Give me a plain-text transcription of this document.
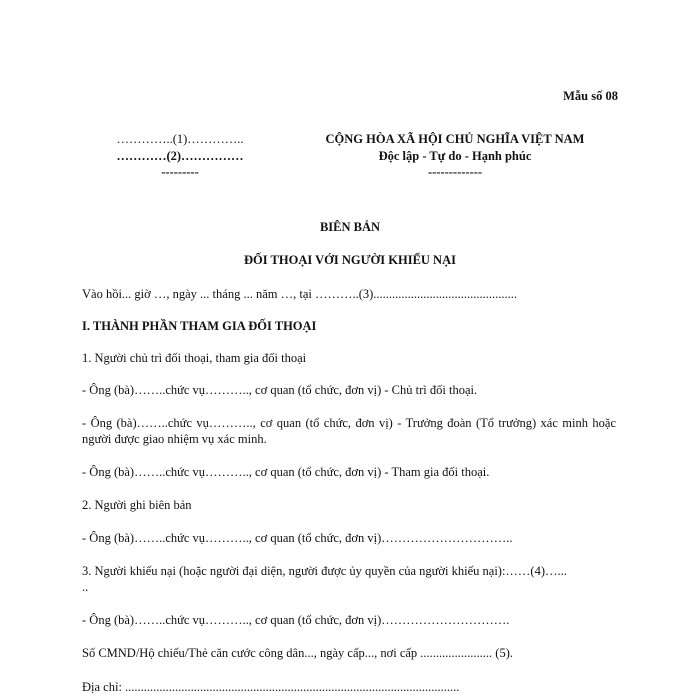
Mẫu số 08
…………..(1)…………..
…………(2)……………
---------
CỘNG HÒA XÃ HỘI CHỦ NGHĨA VIỆT NAM
Độc lập - Tự do - Hạnh phúc
-------------
BIÊN BẢN
ĐỐI THOẠI VỚI NGƯỜI KHIẾU NẠI
Vào hồi... giờ …, ngày ... tháng ... năm …, tại ………..(3)..............................................
I. THÀNH PHẦN THAM GIA ĐỐI THOẠI
1. Người chủ trì đối thoại, tham gia đối thoại
- Ông (bà)……..chức vụ……….., cơ quan (tổ chức, đơn vị) - Chủ trì đối thoại.
- Ông (bà)……..chức vụ……….., cơ quan (tổ chức, đơn vị) - Trưởng đoàn (Tổ trưởng) xác minh hoặc người được giao nhiệm vụ xác minh.
- Ông (bà)……..chức vụ……….., cơ quan (tổ chức, đơn vị) - Tham gia đối thoại.
2. Người ghi biên bản
- Ông (bà)……..chức vụ……….., cơ quan (tổ chức, đơn vị)…………………………..
3. Người khiếu nại (hoặc người đại diện, người được ủy quyền của người khiếu nại):……(4)…...
..
- Ông (bà)……..chức vụ……….., cơ quan (tổ chức, đơn vị)………………………….
Số CMND/Hộ chiếu/Thẻ căn cước công dân..., ngày cấp..., nơi cấp ....................... (5).
Địa chỉ: ...........................................................................................................
